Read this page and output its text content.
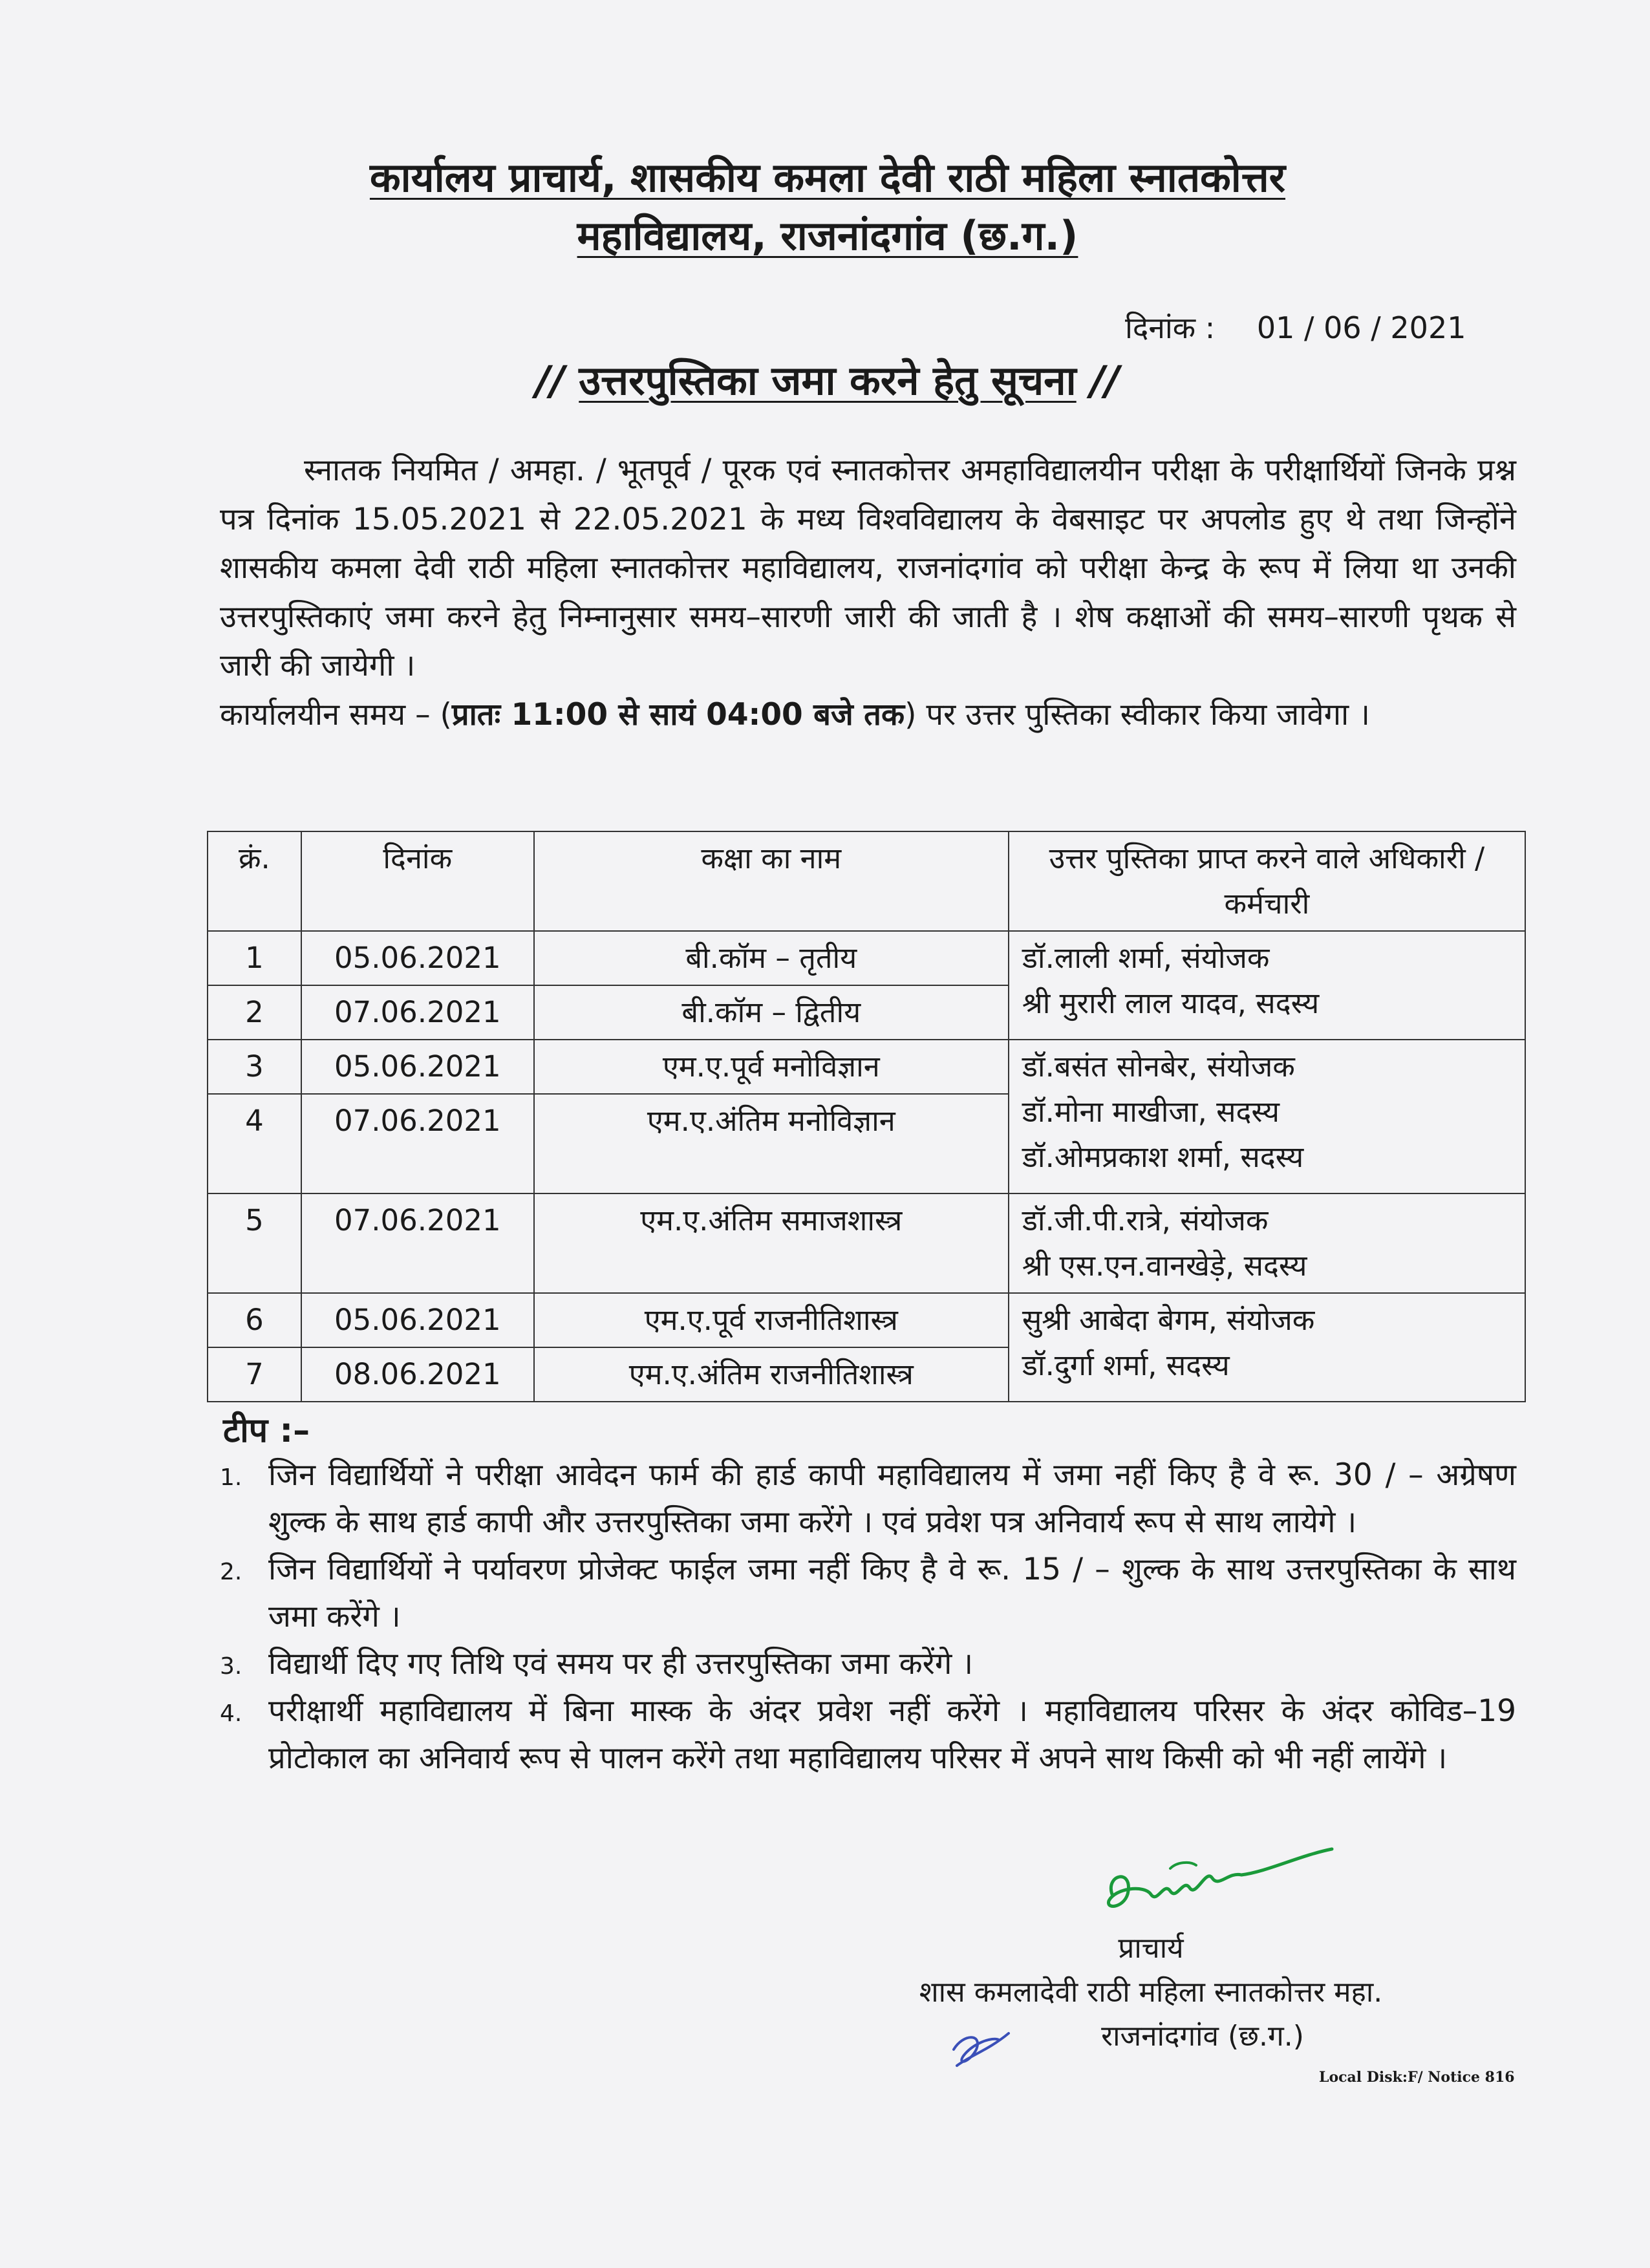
कार्यालय प्राचार्य, शासकीय कमला देवी राठी महिला स्नातकोत्तर
महाविद्यालय, राजनांदगांव (छ.ग.)
दिनांक : 01 / 06 / 2021
// उत्तरपुस्तिका जमा करने हेतु सूचना //

स्नातक नियमित / अमहा. / भूतपूर्व / पूरक एवं स्नातकोत्तर अमहाविद्यालयीन परीक्षा के परीक्षार्थियों जिनके प्रश्न पत्र दिनांक 15.05.2021 से 22.05.2021 के मध्य विश्वविद्यालय के वेबसाइट पर अपलोड हुए थे तथा जिन्होंने शासकीय कमला देवी राठी महिला स्नातकोत्तर महाविद्यालय, राजनांदगांव को परीक्षा केन्द्र के रूप में लिया था उनकी उत्तरपुस्तिकाएं जमा करने हेतु निम्नानुसार समय–सारणी जारी की जाती है । शेष कक्षाओं की समय–सारणी पृथक से जारी की जायेगी ।

कार्यालयीन समय – (प्रातः 11:00 से सायं 04:00 बजे तक) पर उत्तर पुस्तिका स्वीकार किया जावेगा ।

क्रं.	दिनांक	कक्षा का नाम	उत्तर पुस्तिका प्राप्त करने वाले अधिकारी / कर्मचारी
1	05.06.2021	बी.कॉम – तृतीय	डॉ.लाली शर्मा, संयोजक
श्री मुरारी लाल यादव, सदस्य

2	07.06.2021	बी.कॉम – द्वितीय	
3	05.06.2021	एम.ए.पूर्व मनोविज्ञान	डॉ.बसंत सोनबेर, संयोजक
डॉ.मोना माखीजा, सदस्य
डॉ.ओमप्रकाश शर्मा, सदस्य

4	07.06.2021	एम.ए.अंतिम मनोविज्ञान	
5	07.06.2021	एम.ए.अंतिम समाजशास्त्र	डॉ.जी.पी.रात्रे, संयोजक
श्री एस.एन.वानखेड़े, सदस्य

6	05.06.2021	एम.ए.पूर्व राजनीतिशास्त्र	सुश्री आबेदा बेगम, संयोजक
डॉ.दुर्गा शर्मा, सदस्य

7	08.06.2021	एम.ए.अंतिम राजनीतिशास्त्र	
टीप :–
1. जिन विद्यार्थियों ने परीक्षा आवेदन फार्म की हार्ड कापी महाविद्यालय में जमा नहीं किए है वे रू. 30 / – अग्रेषण शुल्क के साथ हार्ड कापी और उत्तरपुस्तिका जमा करेंगे । एवं प्रवेश पत्र अनिवार्य रूप से साथ लायेगे ।
2. जिन विद्यार्थियों ने पर्यावरण प्रोजेक्ट फाईल जमा नहीं किए है वे रू. 15 / – शुल्क के साथ उत्तरपुस्तिका के साथ जमा करेंगे ।
3. विद्यार्थी दिए गए तिथि एवं समय पर ही उत्तरपुस्तिका जमा करेंगे ।
4. परीक्षार्थी महाविद्यालय में बिना मास्क के अंदर प्रवेश नहीं करेंगे । महाविद्यालय परिसर के अंदर कोविड–19 प्रोटोकाल का अनिवार्य रूप से पालन करेंगे तथा महाविद्यालय परिसर में अपने साथ किसी को भी नहीं लायेंगे ।
प्राचार्य
शास कमलादेवी राठी महिला स्नातकोत्तर महा.
राजनांदगांव (छ.ग.)
Local Disk:F/ Notice 816
